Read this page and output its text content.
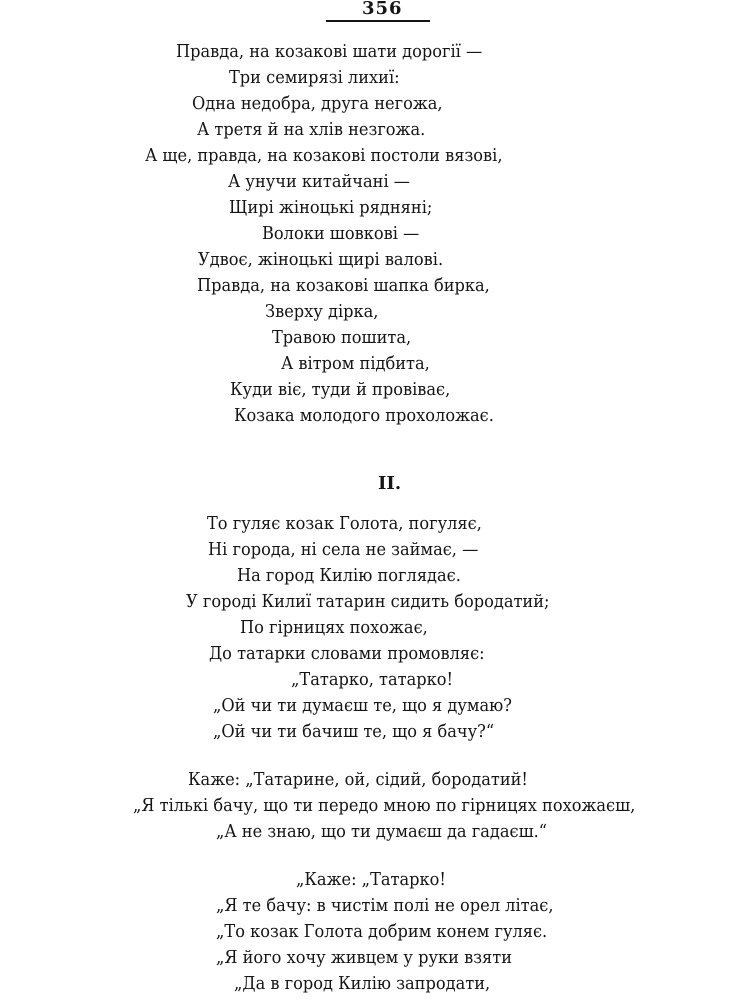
356
Правда, на козакові шати дорогії —
Три семирязі лихиї:
Одна недобра, друга негожа,
А третя й на хлів незгожа.
А ще, правда, на козакові постоли вязові,
А унучи китайчані —
Щирі жіноцькі рядняні;
Волоки шовкові —
Удвоє, жіноцькі щирі валові.
Правда, на козакові шапка бирка,
Зверху дірка,
Травою пошита,
А вітром підбита,
Куди віє, туди й провіває,
Козака молодого прохоложає.
II.
То гуляє козак Голота, погуляє,
Ні города, ні села не займає, —
На город Килію поглядає.
У городі Килиї татарин сидить бородатий;
По гірницях похожає,
До татарки словами промовляє:
„Татарко, татарко!
„Ой чи ти думаєш те, що я думаю?
„Ой чи ти бачиш те, що я бачу?“
Каже: „Татарине, ой, сідий, бородатий!
„Я тількі бачу, що ти передо мною по гірницях похожаєш,
„А не знаю, що ти думаєш да гадаєш.“
„Каже: „Татарко!
„Я те бачу: в чистім полі не орел літає,
„То козак Голота добрим конем гуляє.
„Я його хочу живцем у руки взяти
„Да в город Килію запродати,
